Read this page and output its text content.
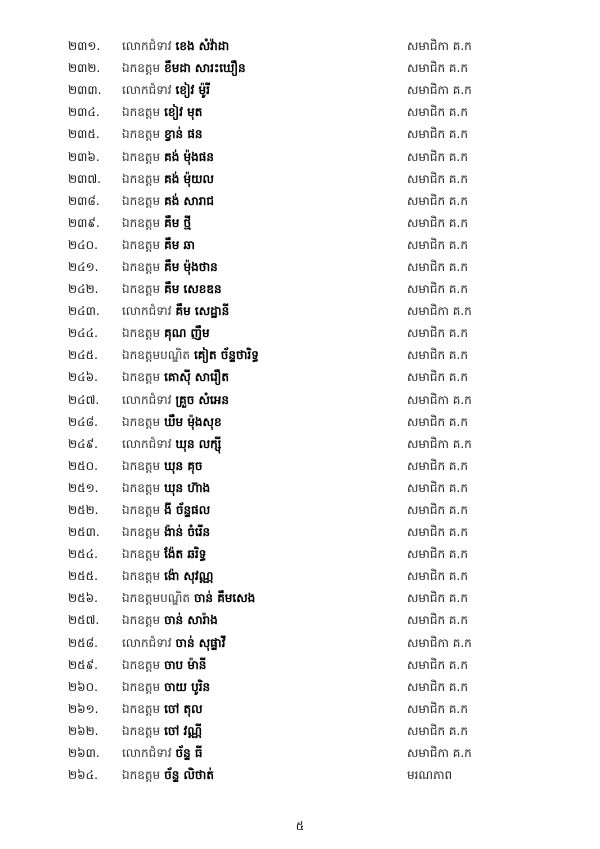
២៣១.	លោកជំទាវ ខេង សំវ៉ាដា	សមាជិកា គ.ក
២៣២.	ឯកឧត្តម ខឹមដា សារះឃឿន	សមាជិក គ.ក
២៣៣.	លោកជំទាវ ខៀវ ម៉ូរី	សមាជិកា គ.ក
២៣៤.	ឯកឧត្តម ខៀវ មុត	សមាជិក គ.ក
២៣៥.	ឯកឧត្តម ខ្វាន់ ផន	សមាជិក គ.ក
២៣៦.	ឯកឧត្តម គង់ ម៉ុងផន	សមាជិក គ.ក
២៣៧.	ឯកឧត្តម គង់ ម៉ុយល	សមាជិក គ.ក
២៣៨.	ឯកឧត្តម គង់ សារាជ	សមាជិក គ.ក
២៣៩.	ឯកឧត្តម គឹម ថ្មី	សមាជិក គ.ក
២៤០.	ឯកឧត្តម គឹម ឆា	សមាជិក គ.ក
២៤១.	ឯកឧត្តម គឹម ម៉ុងថាន	សមាជិក គ.ក
២៤២.	ឯកឧត្តម គឹម សេខឌន	សមាជិក គ.ក
២៤៣.	លោកជំទាវ គឹម សេដ្ឋានី	សមាជិកា គ.ក
២៤៤.	ឯកឧត្តម គុណ ញឹម	សមាជិក គ.ក
២៤៥.	ឯកឧត្តមបណ្ឌិត គៀត ច័ន្ទថារិទ្ធ	សមាជិក គ.ក
២៤៦.	ឯកឧត្តម គោស៊ី សារឿត	សមាជិក គ.ក
២៤៧.	លោកជំទាវ គ្រួច សំអេន	សមាជិកា គ.ក
២៤៨.	ឯកឧត្តម ឃឹម ម៉ុងសុខ	សមាជិក គ.ក
២៤៩.	លោកជំទាវ ឃុន លក្ស៊ី	សមាជិកា គ.ក
២៥០.	ឯកឧត្តម ឃុន គុច	សមាជិក គ.ក
២៥១.	ឯកឧត្តម ឃុន ហ៊ាង	សមាជិក គ.ក
២៥២.	ឯកឧត្តម ងី ច័ន្ទផល	សមាជិក គ.ក
២៥៣.	ឯកឧត្តម ង៉ាន់ ចំរើន	សមាជិក គ.ក
២៥៤.	ឯកឧត្តម ង៉ែត ឆរិទ្ធ	សមាជិក គ.ក
២៥៥.	ឯកឧត្តម ង៉ោ សុវណ្ណ	សមាជិក គ.ក
២៥៦.	ឯកឧត្តមបណ្ឌិត ចាន់ គឹមសេង	សមាជិក គ.ក
២៥៧.	ឯកឧត្តម ចាន់ សារ៉ាង	សមាជិក គ.ក
២៥៨.	លោកជំទាវ ចាន់ សុផ្ទាវី	សមាជិកា គ.ក
២៥៩.	ឯកឧត្តម ចាប ម៉ានី	សមាជិក គ.ក
២៦០.	ឯកឧត្តម ចាយ បូរិន	សមាជិក គ.ក
២៦១.	ឯកឧត្តម ចៅ តុល	សមាជិក គ.ក
២៦២.	ឯកឧត្តម ចៅ វណ្ណី	សមាជិក គ.ក
២៦៣.	លោកជំទាវ ច័ន្ទ ធី	សមាជិកា គ.ក
២៦៤.	ឯកឧត្តម ច័ន្ទ លិថាត់	មរណភាព
៥
